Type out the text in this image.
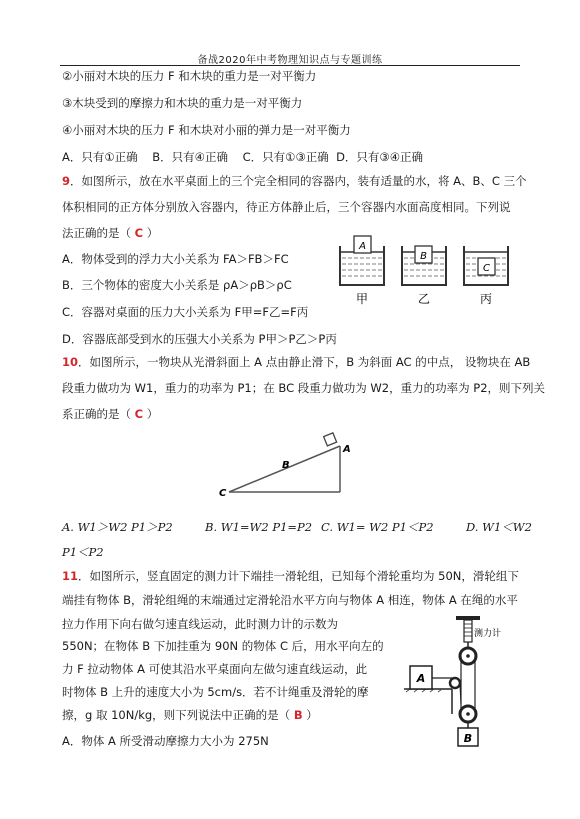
备战2020年中考物理知识点与专题训练
②小丽对木块的压力 F 和木块的重力是一对平衡力
③木块受到的摩擦力和木块的重力是一对平衡力
④小丽对木块的压力 F 和木块对小丽的弹力是一对平衡力
A．只有①正确    B．只有④正确    C．只有①③正确  D．只有③④正确
9．如图所示，放在水平桌面上的三个完全相同的容器内，装有适量的水，将 A、B、C 三个
体积相同的正方体分别放入容器内，待正方体静止后，三个容器内水面高度相同。下列说
法正确的是（ C ）
A．物体受到的浮力大小关系为 FA＞FB＞FC
B．三个物体的密度大小关系是 ρA＞ρB＞ρC
C．容器对桌面的压力大小关系为 F甲=F乙=F丙
D．容器底部受到水的压强大小关系为 P甲＞P乙＞P丙
A
B
C
甲	乙	丙
10．如图所示，一物块从光滑斜面上 A 点由静止滑下，B 为斜面 AC 的中点， 设物块在 AB
段重力做功为 W1，重力的功率为 P1；在 BC 段重力做功为 W2，重力的功率为 P2，则下列关
系正确的是（ C ）
A
B
C
A. W1＞W2 P1＞P2	B. W1=W2 P1=P2 C. W1= W2 P1＜P2	D. W1＜W2
P1＜P2
11．如图所示，竖直固定的测力计下端挂一滑轮组，已知每个滑轮重均为 50N，滑轮组下
端挂有物体 B，滑轮组绳的末端通过定滑轮沿水平方向与物体 A 相连，物体 A 在绳的水平
拉力作用下向右做匀速直线运动，此时测力计的示数为
550N；在物体 B 下加挂重为 90N 的物体 C 后，用水平向左的
力 F 拉动物体 A 可使其沿水平桌面向左做匀速直线运动，此
时物体 B 上升的速度大小为 5cm/s．若不计绳重及滑轮的摩
擦，g 取 10N/kg，则下列说法中正确的是（ B ）
A．物体 A 所受滑动摩擦力大小为 275N
测力计
B
A
